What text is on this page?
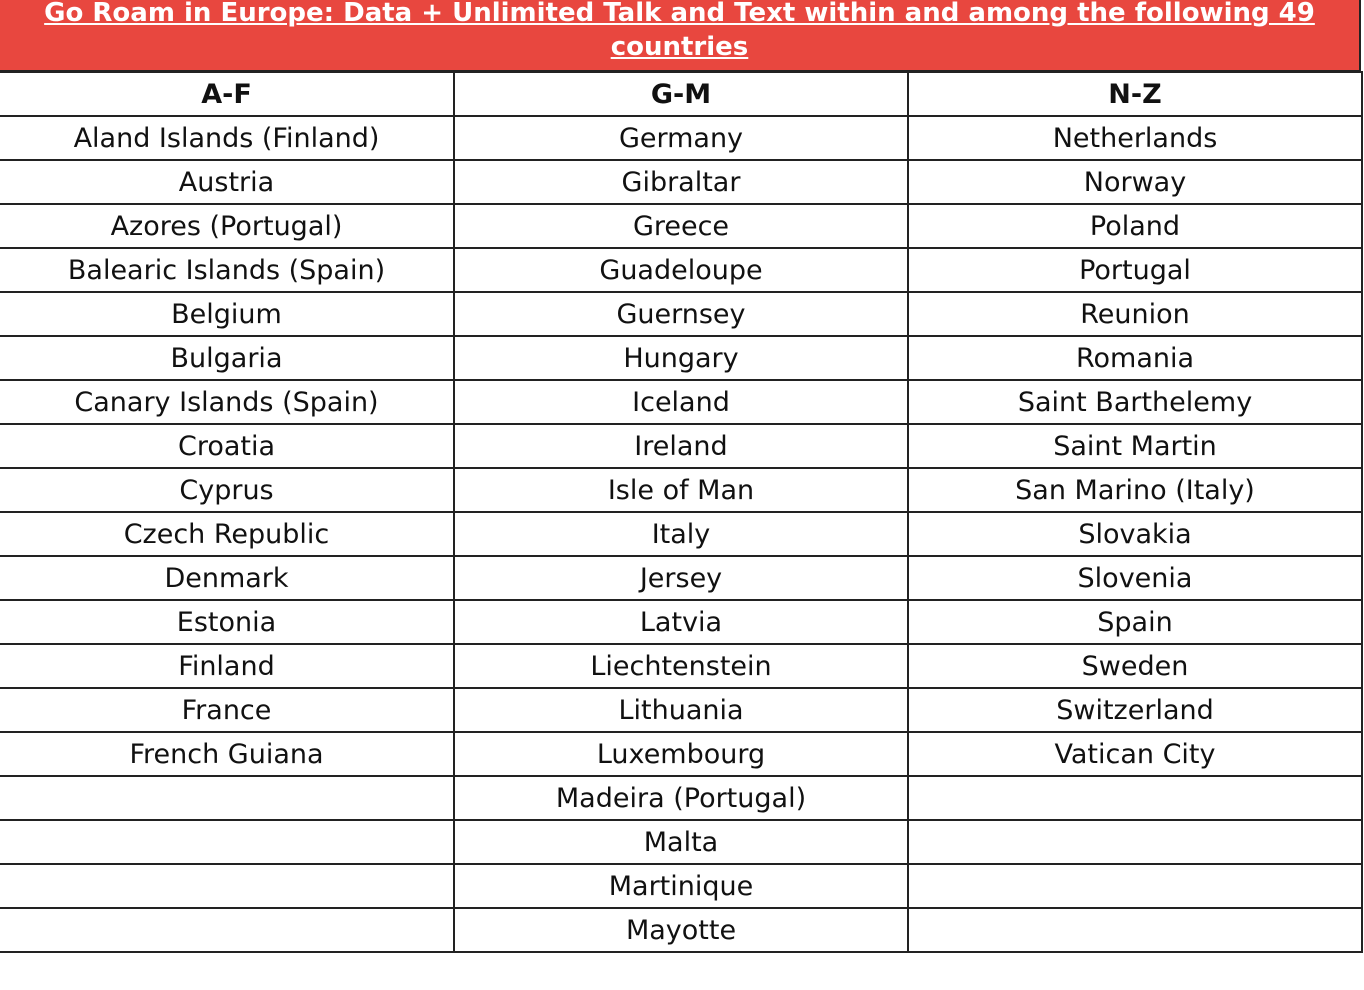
Go Roam in Europe: Data + Unlimited Talk and Text within and among the following 49 countries
A-F	G-M	N-Z
Aland Islands (Finland)	Germany	Netherlands
Austria	Gibraltar	Norway
Azores (Portugal)	Greece	Poland
Balearic Islands (Spain)	Guadeloupe	Portugal
Belgium	Guernsey	Reunion
Bulgaria	Hungary	Romania
Canary Islands (Spain)	Iceland	Saint Barthelemy
Croatia	Ireland	Saint Martin
Cyprus	Isle of Man	San Marino (Italy)
Czech Republic	Italy	Slovakia
Denmark	Jersey	Slovenia
Estonia	Latvia	Spain
Finland	Liechtenstein	Sweden
France	Lithuania	Switzerland
French Guiana	Luxembourg	Vatican City
	Madeira (Portugal)	
	Malta	
	Martinique	
	Mayotte	
